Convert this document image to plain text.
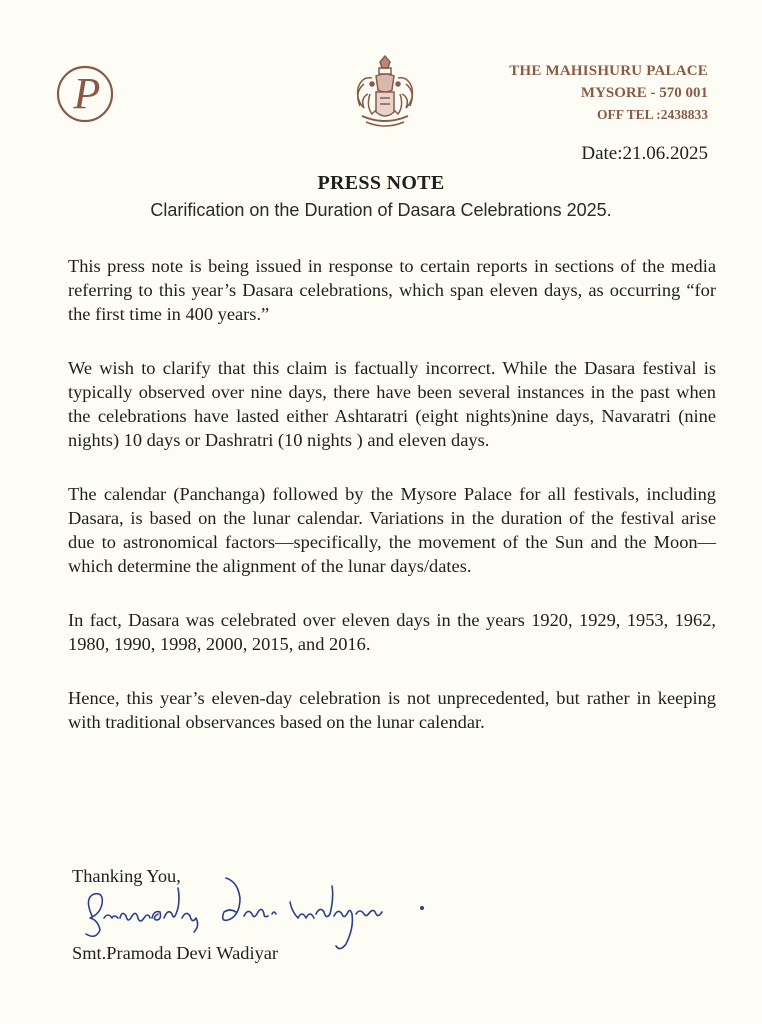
P	THE MAHISHURU PALACE
MYSORE - 570 001
OFF TEL :2438833
Date:21.06.2025
PRESS NOTE
Clarification on the Duration of Dasara Celebrations 2025.

This press note is being issued in response to certain reports in sections of the media referring to this year’s Dasara celebrations, which span eleven days, as occurring “for the first time in 400 years.”

We wish to clarify that this claim is factually incorrect. While the Dasara festival is typically observed over nine days, there have been several instances in the past when the celebrations have lasted either Ashtaratri (eight nights)nine days, Navaratri (nine nights) 10 days or Dashratri (10 nights ) and eleven days.

The calendar (Panchanga) followed by the Mysore Palace for all festivals, including Dasara, is based on the lunar calendar. Variations in the duration of the festival arise due to astronomical factors—specifically, the movement of the Sun and the Moon—which determine the alignment of the lunar days/dates.

In fact, Dasara was celebrated over eleven days in the years 1920, 1929, 1953, 1962, 1980, 1990, 1998, 2000, 2015, and 2016.

Hence, this year’s eleven-day celebration is not unprecedented, but rather in keeping with traditional observances based on the lunar calendar.

Thanking You,
Smt.Pramoda Devi Wadiyar
